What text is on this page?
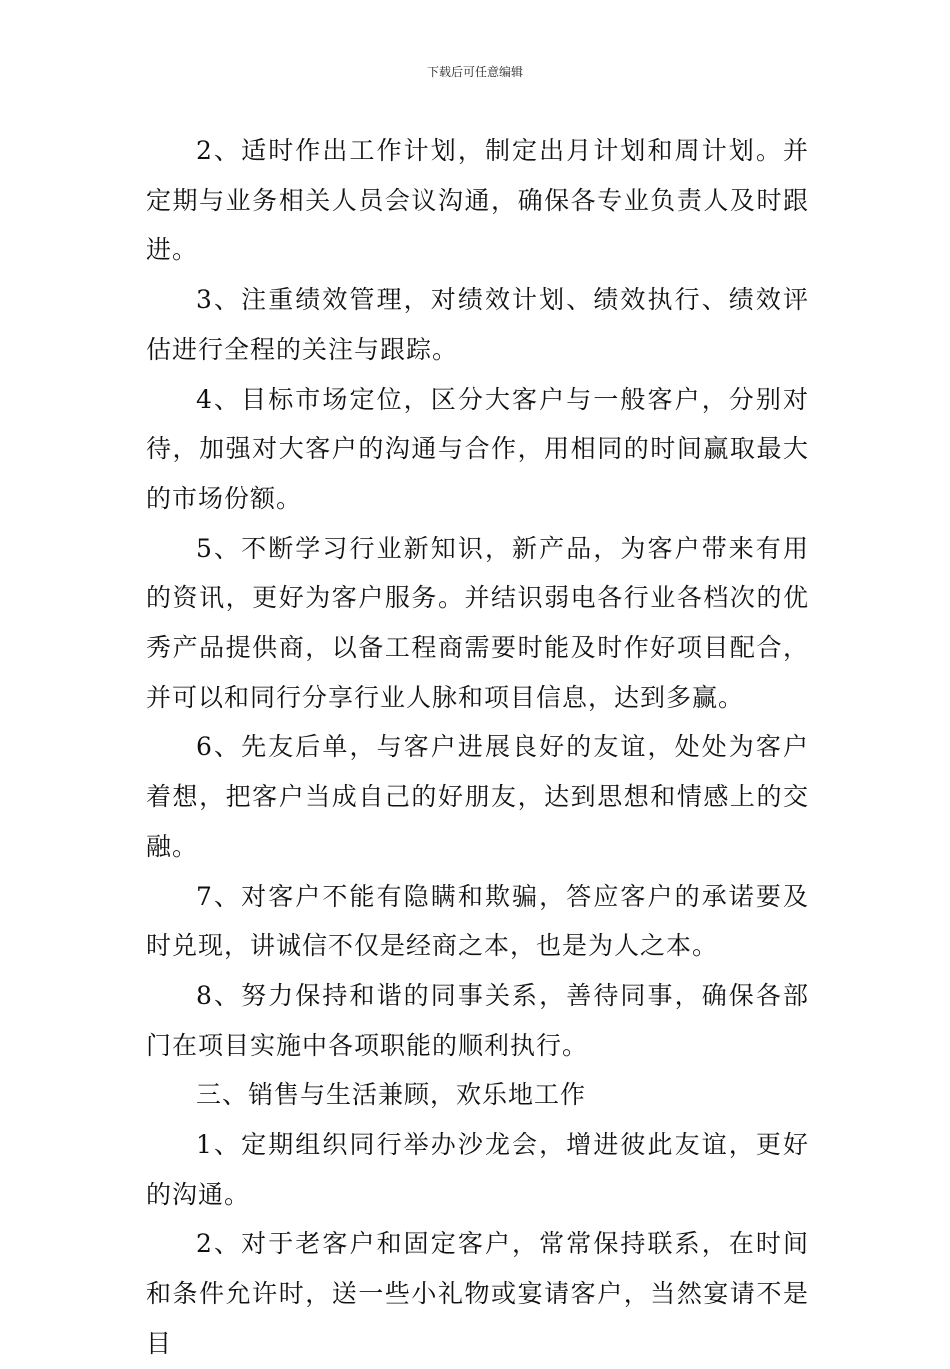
下载后可任意编辑

2、适时作出工作计划，制定出月计划和周计划。并定期与业务相关人员会议沟通，确保各专业负责人及时跟进。

3、注重绩效管理，对绩效计划、绩效执行、绩效评估进行全程的关注与跟踪。

4、目标市场定位，区分大客户与一般客户，分别对待，加强对大客户的沟通与合作，用相同的时间赢取最大的市场份额。

5、不断学习行业新知识，新产品，为客户带来有用的资讯，更好为客户服务。并结识弱电各行业各档次的优秀产品提供商，以备工程商需要时能及时作好项目配合，并可以和同行分享行业人脉和项目信息，达到多赢。

6、先友后单，与客户进展良好的友谊，处处为客户着想，把客户当成自己的好朋友，达到思想和情感上的交融。

7、对客户不能有隐瞒和欺骗，答应客户的承诺要及时兑现，讲诚信不仅是经商之本，也是为人之本。

8、努力保持和谐的同事关系，善待同事，确保各部门在项目实施中各项职能的顺利执行。

三、销售与生活兼顾，欢乐地工作

1、定期组织同行举办沙龙会，增进彼此友谊，更好的沟通。

2、对于老客户和固定客户，常常保持联系，在时间和条件允许时，送一些小礼物或宴请客户，当然宴请不是目
